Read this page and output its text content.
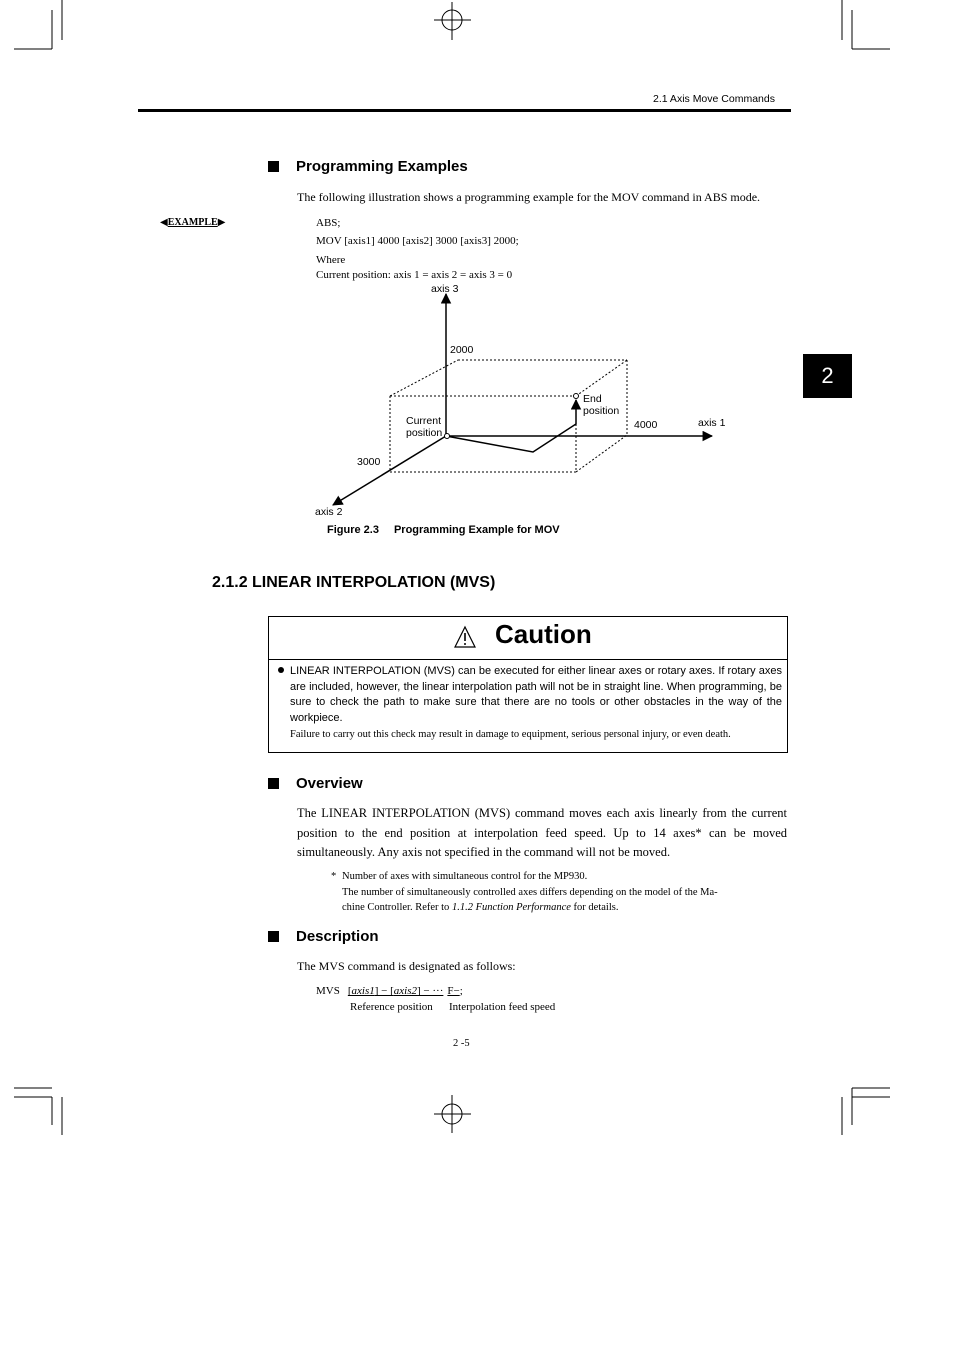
2.1 Axis Move Commands
2
Programming Examples
The following illustration shows a programming example for the MOV command in ABS mode.
◀EXAMPLE▶	ABS;
MOV [axis1] 4000 [axis2] 3000 [axis3] 2000;
Where
Current position: axis 1 = axis 2 = axis 3 = 0
axis 3
2000
End
position
Current
position
4000	axis 1
3000
axis 2
Figure 2.3 Programming Example for MOV
2.1.2 LINEAR INTERPOLATION (MVS)
Caution
LINEAR INTERPOLATION (MVS) can be executed for either linear axes or rotary axes. If rotary axes are included, however, the linear interpolation path will not be in straight line. When programming, be sure to check the path to make sure that there are no tools or other obstacles in the way of the workpiece.
Failure to carry out this check may result in damage to equipment, serious personal injury, or even death.
Overview
The LINEAR INTERPOLATION (MVS) command moves each axis linearly from the current position to the end position at interpolation feed speed. Up to 14 axes* can be moved simultaneously. Any axis not specified in the command will not be moved.
* Number of axes with simultaneous control for the MP930.
The number of simultaneously controlled axes differs depending on the model of the Ma-
chine Controller. Refer to 1.1.2 Function Performance for details.
Description
The MVS command is designated as follows:
MVS [axis1] − [axis2] − ··· F−;
Reference position Interpolation feed speed
2 -5
